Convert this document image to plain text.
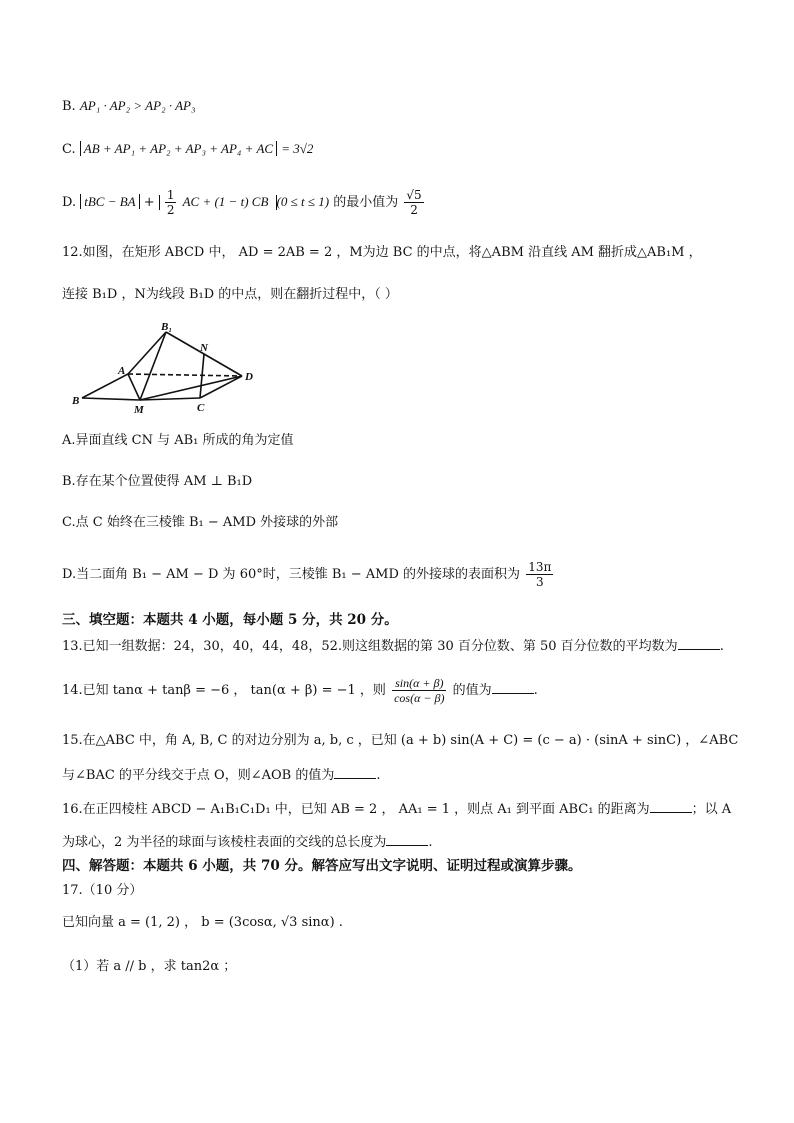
B. AP₁ · AP₂ > AP₂ · AP₃
C. AB + AP₁ + AP₂ + AP₃ + AP₄ + AC = 3√2
D. tBC − BA + $\frac{1}{2}$ AC + (1 − t) CB (0 ≤ t ≤ 1) 的最小值为 $\frac{√5}{2}$
12.如图，在矩形 ABCD 中， AD = 2AB = 2 ，M为边 BC 的中点，将△ABM 沿直线 AM 翻折成△AB₁M ，
连接 B₁D ，N为线段 B₁D 的中点，则在翻折过程中，（ ）
B
A
B₁
N
D
M	C
A.异面直线 CN 与 AB₁ 所成的角为定值
B.存在某个位置使得 AM ⊥ B₁D
C.点 C 始终在三棱锥 B₁ − AMD 外接球的外部
D.当二面角 B₁ − AM − D 为 60°时，三棱锥 B₁ − AMD 的外接球的表面积为 $\frac{13\pi}{3}$
三、填空题：本题共 4 小题，每小题 5 分，共 20 分。
13.已知一组数据：24，30，40，44，48，52.则这组数据的第 30 百分位数、第 50 百分位数的平均数为	.
14.已知 tanα + tanβ = −6 ， tan(α + β) = −1 ，则 $\frac{\sin(\alpha + \beta)}{\cos(\alpha - \beta)}$ 的值为	.
15.在△ABC 中，角 A, B, C 的对边分别为 a, b, c ，已知 (a + b) sin(A + C) = (c − a) · (sinA + sinC) ，∠ABC
与∠BAC 的平分线交于点 O，则∠AOB 的值为	.
16.在正四棱柱 ABCD − A₁B₁C₁D₁ 中，已知 AB = 2 ， AA₁ = 1 ，则点 A₁ 到平面 ABC₁ 的距离为	；以 A
为球心，2 为半径的球面与该棱柱表面的交线的总长度为	.
四、解答题：本题共 6 小题，共 70 分。解答应写出文字说明、证明过程或演算步骤。
17.（10 分）
已知向量 a = (1, 2) ， b = (3cosα, √3 sinα) .
（1）若 a // b ，求 tan2α ；
